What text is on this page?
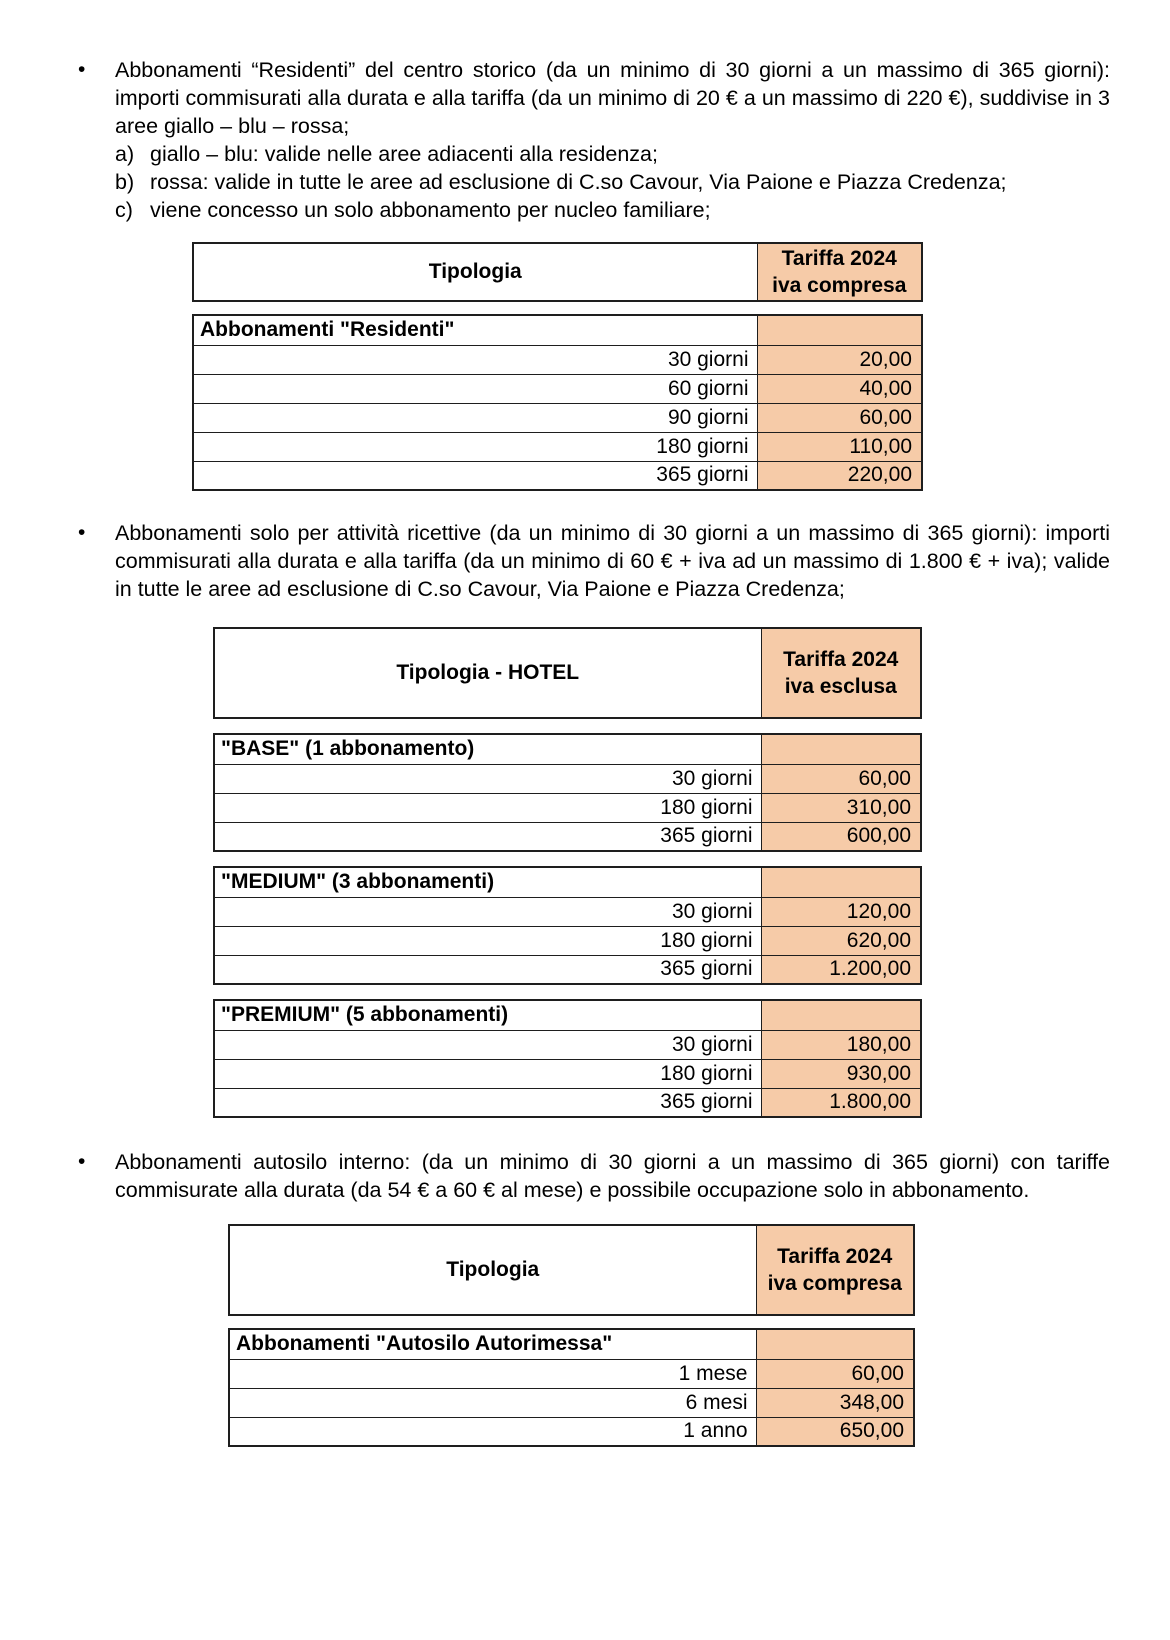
•	Abbonamenti “Residenti” del centro storico (da un minimo di 30 giorni a un massimo di 365 giorni): importi commisurati alla durata e alla tariffa (da un minimo di 20 € a un massimo di 220 €), suddivise in 3 aree giallo – blu – rossa;

a) giallo – blu: valide nelle aree adiacenti alla residenza;
b) rossa: valide in tutte le aree ad esclusione di C.so Cavour, Via Paione e Piazza Credenza;
c) viene concesso un solo abbonamento per nucleo familiare;
Tipologia	
Tariffa 2024
iva compresa
Abbonamenti "Residenti"	
30 giorni	20,00
60 giorni	40,00
90 giorni	60,00
180 giorni	110,00
365 giorni	220,00
•	Abbonamenti solo per attività ricettive (da un minimo di 30 giorni a un massimo di 365 giorni): importi commisurati alla durata e alla tariffa (da un minimo di 60 € + iva ad un massimo di 1.800 € + iva); valide in tutte le aree ad esclusione di C.so Cavour, Via Paione e Piazza Credenza;

Tipologia - HOTEL	
Tariffa 2024
iva esclusa
"BASE" (1 abbonamento)	
30 giorni	60,00
180 giorni	310,00
365 giorni	600,00
"MEDIUM" (3 abbonamenti)	
30 giorni	120,00
180 giorni	620,00
365 giorni	1.200,00
"PREMIUM" (5 abbonamenti)	
30 giorni	180,00
180 giorni	930,00
365 giorni	1.800,00
•	Abbonamenti autosilo interno: (da un minimo di 30 giorni a un massimo di 365 giorni) con tariffe commisurate alla durata (da 54 € a 60 € al mese) e possibile occupazione solo in abbonamento.

Tipologia	
Tariffa 2024
iva compresa
Abbonamenti "Autosilo Autorimessa"	
1 mese	60,00
6 mesi	348,00
1 anno	650,00
